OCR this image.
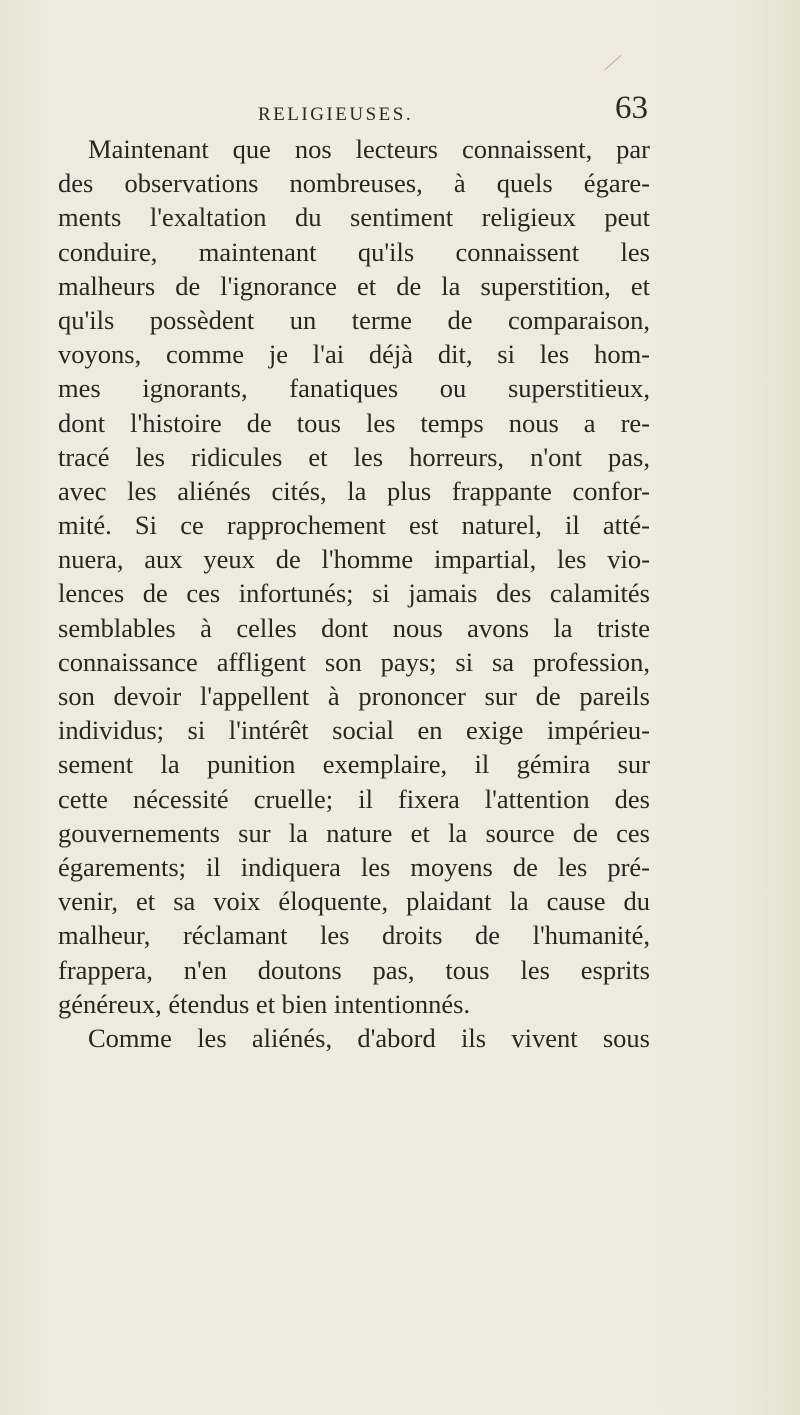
RELIGIEUSES.	63
Maintenant que nos lecteurs connaissent, par
des observations nombreuses, à quels égare-
ments l'exaltation du sentiment religieux peut
conduire, maintenant qu'ils connaissent les
malheurs de l'ignorance et de la superstition, et
qu'ils possèdent un terme de comparaison,
voyons, comme je l'ai déjà dit, si les hom-
mes ignorants, fanatiques ou superstitieux,
dont l'histoire de tous les temps nous a re-
tracé les ridicules et les horreurs, n'ont pas,
avec les aliénés cités, la plus frappante confor-
mité. Si ce rapprochement est naturel, il atté-
nuera, aux yeux de l'homme impartial, les vio-
lences de ces infortunés; si jamais des calamités
semblables à celles dont nous avons la triste
connaissance affligent son pays; si sa profession,
son devoir l'appellent à prononcer sur de pareils
individus; si l'intérêt social en exige impérieu-
sement la punition exemplaire, il gémira sur
cette nécessité cruelle; il fixera l'attention des
gouvernements sur la nature et la source de ces
égarements; il indiquera les moyens de les pré-
venir, et sa voix éloquente, plaidant la cause du
malheur, réclamant les droits de l'humanité,
frappera, n'en doutons pas, tous les esprits
généreux, étendus et bien intentionnés.
Comme les aliénés, d'abord ils vivent sous
